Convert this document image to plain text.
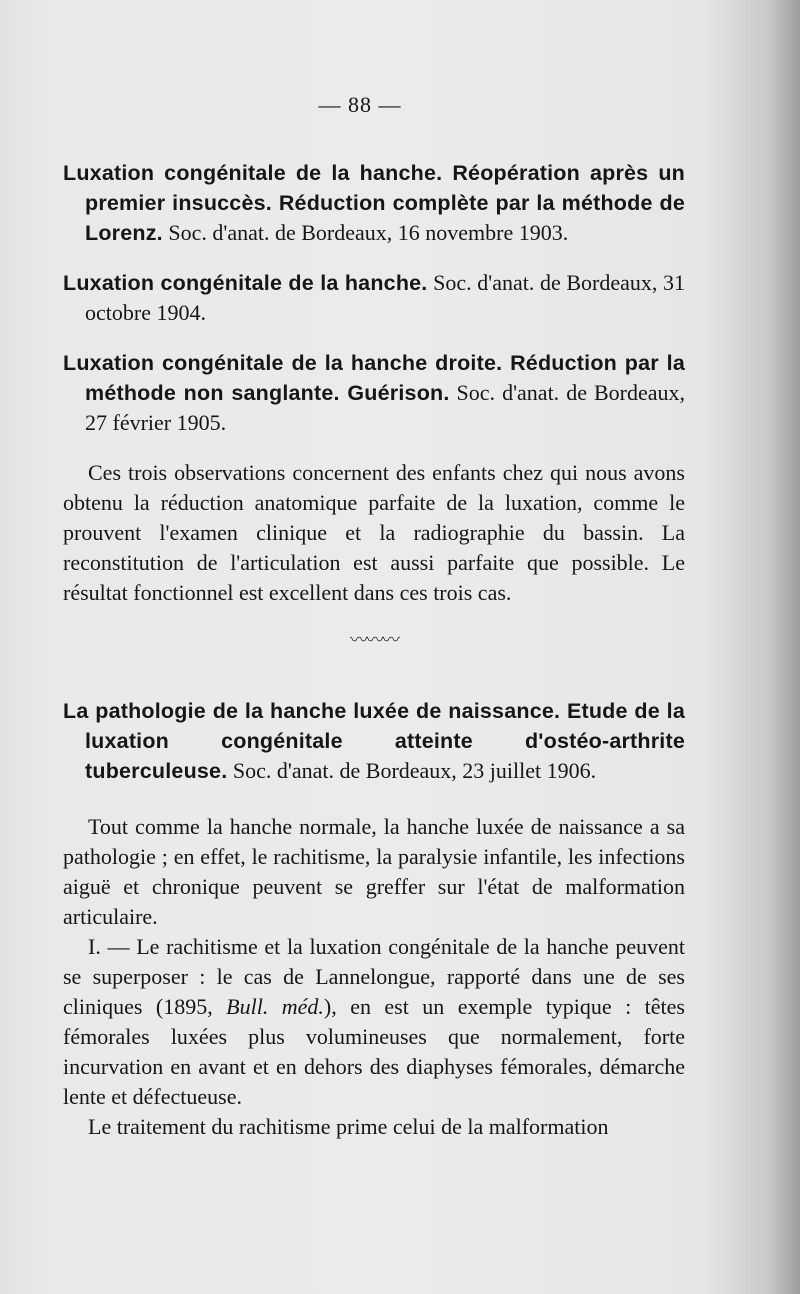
— 88 —

Luxation congénitale de la hanche. Réopération après un premier insuccès. Réduction complète par la méthode de Lorenz. Soc. d'anat. de Bordeaux, 16 novembre 1903.

Luxation congénitale de la hanche. Soc. d'anat. de Bordeaux, 31 octobre 1904.

Luxation congénitale de la hanche droite. Réduction par la méthode non sanglante. Guérison. Soc. d'anat. de Bordeaux, 27 février 1905.

Ces trois observations concernent des enfants chez qui nous avons obtenu la réduction anatomique parfaite de la luxation, comme le prouvent l'examen clinique et la radiographie du bassin. La reconstitution de l'articulation est aussi parfaite que possible. Le résultat fonctionnel est excellent dans ces trois cas.

〰〰〰

La pathologie de la hanche luxée de naissance. Etude de la luxation congénitale atteinte d'ostéo-arthrite tuberculeuse. Soc. d'anat. de Bordeaux, 23 juillet 1906.

Tout comme la hanche normale, la hanche luxée de naissance a sa pathologie ; en effet, le rachitisme, la paralysie infantile, les infections aiguë et chronique peuvent se greffer sur l'état de malformation articulaire.

I. — Le rachitisme et la luxation congénitale de la hanche peuvent se superposer : le cas de Lannelongue, rapporté dans une de ses cliniques (1895, Bull. méd.), en est un exemple typique : têtes fémorales luxées plus volumineuses que normalement, forte incurvation en avant et en dehors des diaphyses fémorales, démarche lente et défectueuse.

Le traitement du rachitisme prime celui de la malformation
